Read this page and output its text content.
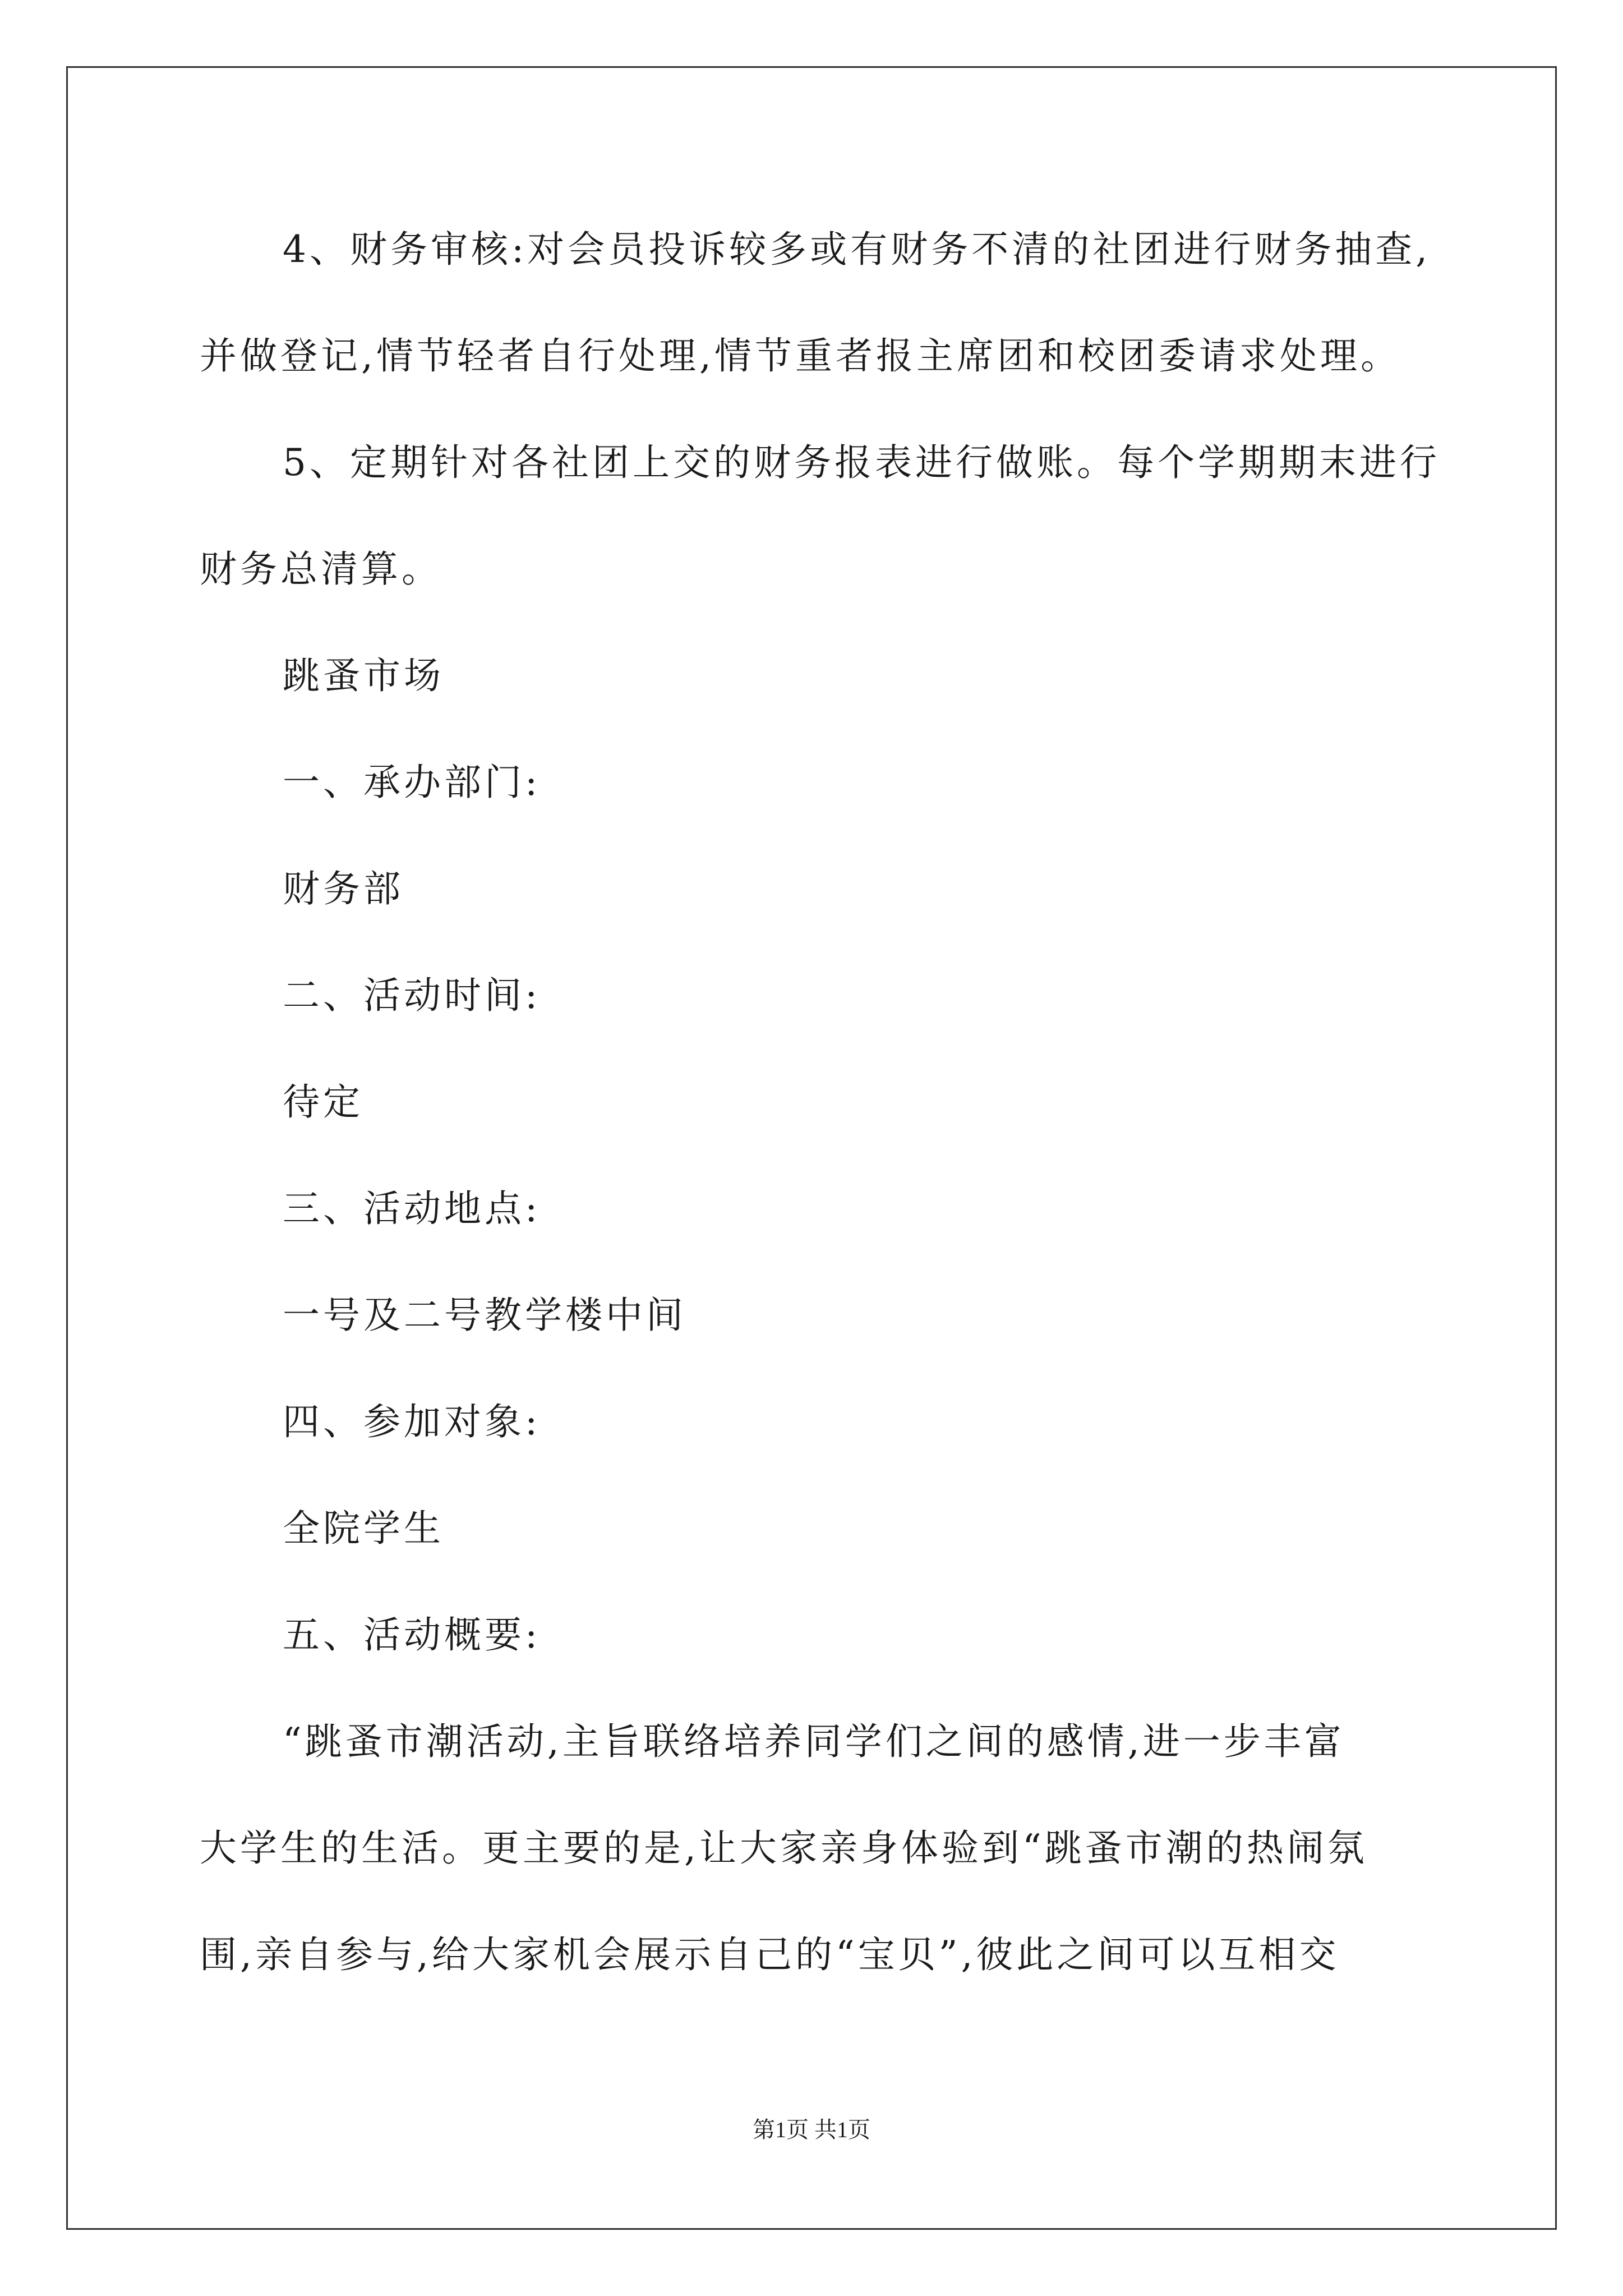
4、财务审核:对会员投诉较多或有财务不清的社团进行财务抽查,
并做登记,情节轻者自行处理,情节重者报主席团和校团委请求处理。
5、定期针对各社团上交的财务报表进行做账。每个学期期末进行
财务总清算。
跳蚤市场
一、承办部门:
财务部
二、活动时间:
待定
三、活动地点:
一号及二号教学楼中间
四、参加对象:
全院学生
五、活动概要:
“跳蚤市潮活动,主旨联络培养同学们之间的感情,进一步丰富
大学生的生活。更主要的是,让大家亲身体验到“跳蚤市潮的热闹氛
围,亲自参与,给大家机会展示自己的“宝贝”,彼此之间可以互相交
第1页 共1页
